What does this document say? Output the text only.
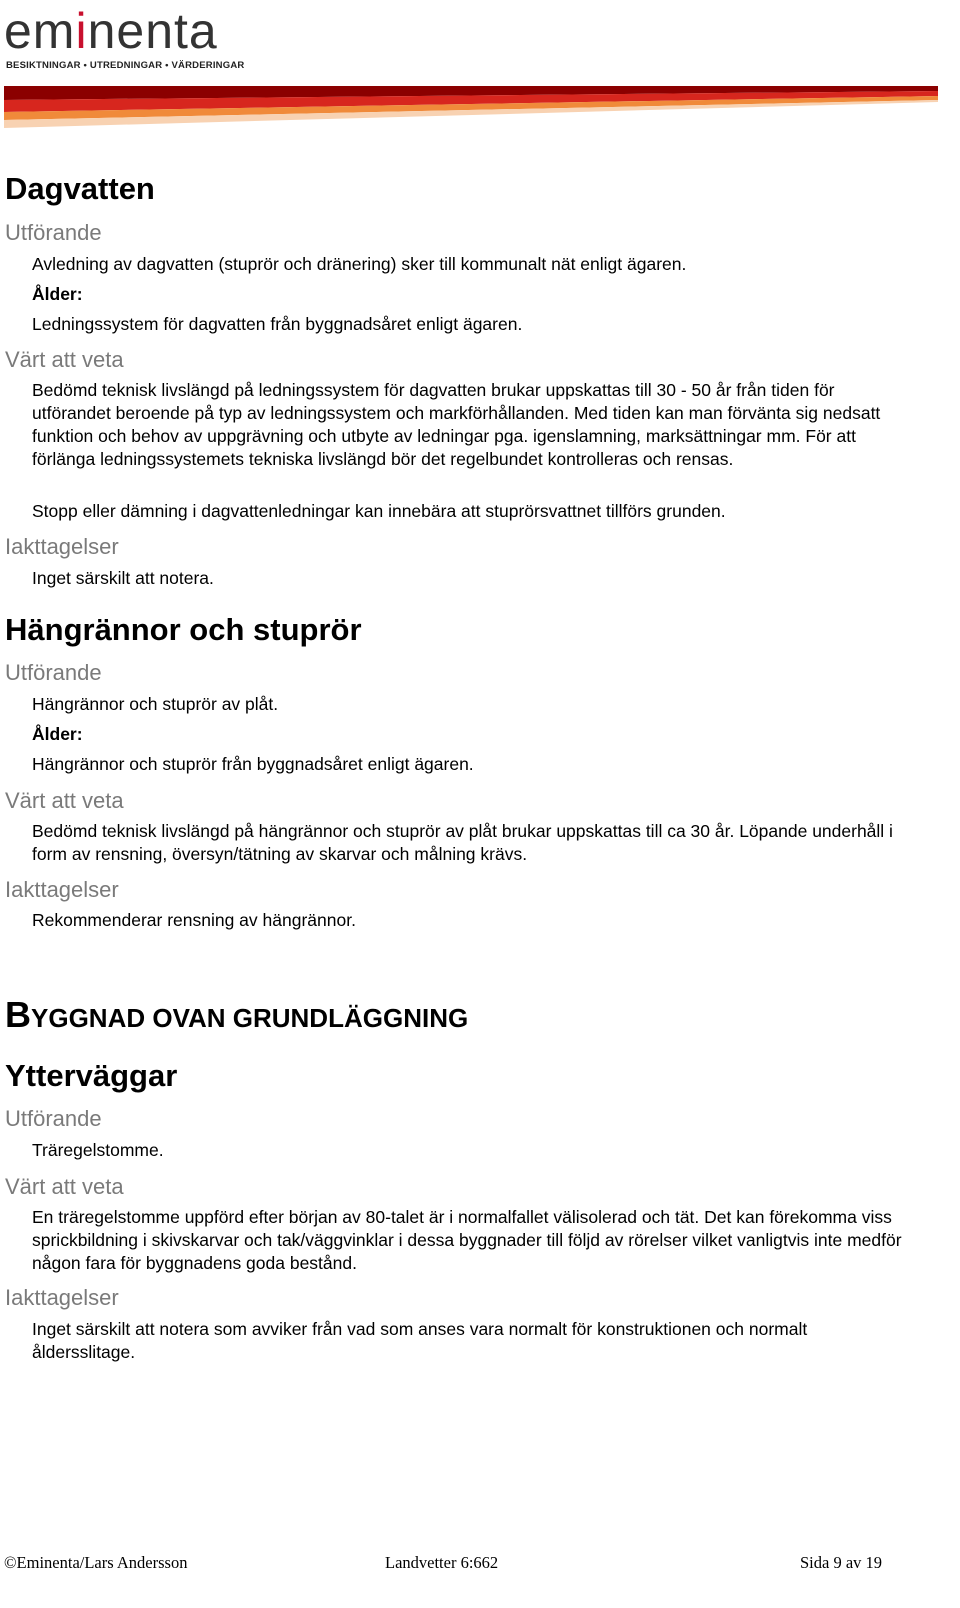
eminenta
BESIKTNINGAR • UTREDNINGAR • VÄRDERINGAR
Dagvatten
Utförande
Avledning av dagvatten (stuprör och dränering) sker till kommunalt nät enligt ägaren.
Ålder:
Ledningssystem för dagvatten från byggnadsåret enligt ägaren.
Värt att veta
Bedömd teknisk livslängd på ledningssystem för dagvatten brukar uppskattas till 30 - 50 år från tiden för utförandet beroende på typ av ledningssystem och markförhållanden. Med tiden kan man förvänta sig nedsatt funktion och behov av uppgrävning och utbyte av ledningar pga. igenslamning, marksättningar mm. För att förlänga ledningssystemets tekniska livslängd bör det regelbundet kontrolleras och rensas.
Stopp eller dämning i dagvattenledningar kan innebära att stuprörsvattnet tillförs grunden.
Iakttagelser
Inget särskilt att notera.
Hängrännor och stuprör
Utförande
Hängrännor och stuprör av plåt.
Ålder:
Hängrännor och stuprör från byggnadsåret enligt ägaren.
Värt att veta
Bedömd teknisk livslängd på hängrännor och stuprör av plåt brukar uppskattas till ca 30 år. Löpande underhåll i form av rensning, översyn/tätning av skarvar och målning krävs.
Iakttagelser
Rekommenderar rensning av hängrännor.
BYGGNAD OVAN GRUNDLÄGGNING
Ytterväggar
Utförande
Träregelstomme.
Värt att veta
En träregelstomme uppförd efter början av 80-talet är i normalfallet välisolerad och tät. Det kan förekomma viss sprickbildning i skivskarvar och tak/väggvinklar i dessa byggnader till följd av rörelser vilket vanligtvis inte medför någon fara för byggnadens goda bestånd.
Iakttagelser
Inget särskilt att notera som avviker från vad som anses vara normalt för konstruktionen och normalt åldersslitage.
©Eminenta/Lars Andersson	Landvetter 6:662	Sida 9 av 19
